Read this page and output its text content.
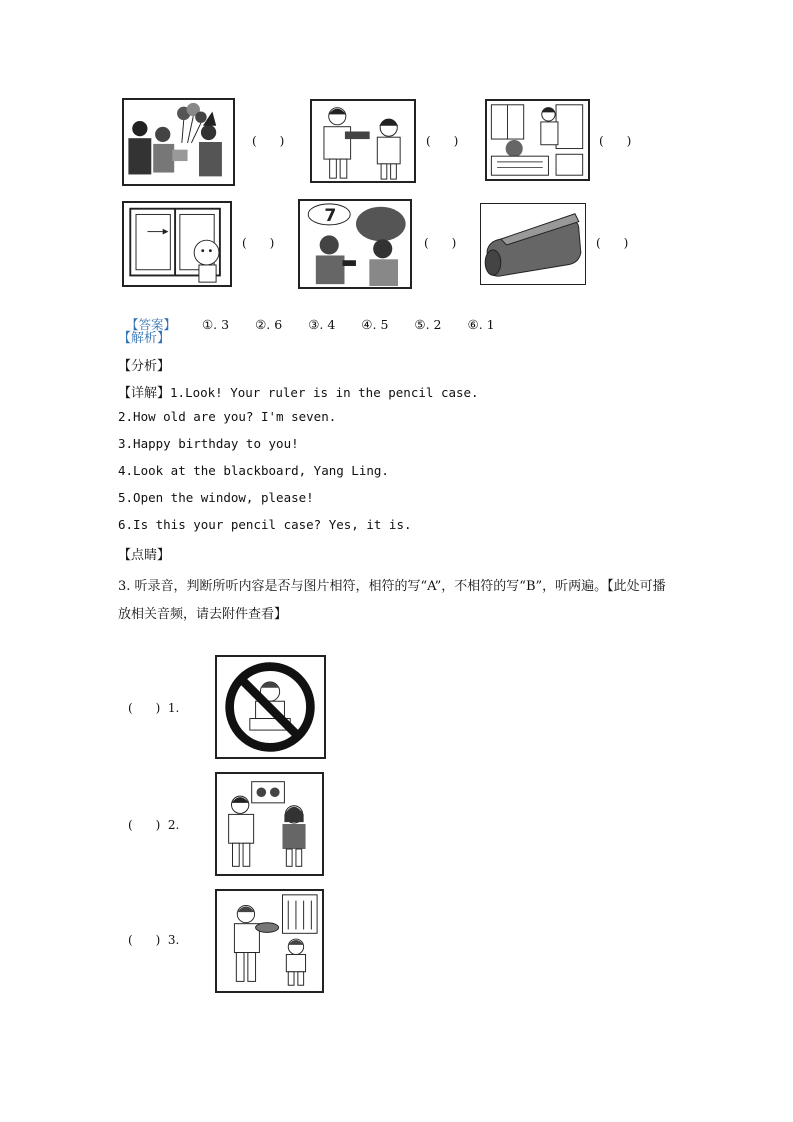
(      )	(      )	(      )
(      )
7
(      )	(      )

【答案】 ①. 3 ②. 6 ③. 4 ④. 5 ⑤. 2 ⑥. 1

【解析】
【分析】
【详解】1.Look! Your ruler is in the pencil case.
2.How old are you? I'm seven.
3.Happy birthday to you!
4.Look at the blackboard, Yang Ling.
5.Open the window, please!
6.Is this your pencil case? Yes, it is.
【点睛】
3. 听录音，判断所听内容是否与图片相符，相符的写“A”，不相符的写“B”，听两遍。【此处可播放相关音频，请去附件查看】
(      ) 1.
(      ) 2.
(      ) 3.
